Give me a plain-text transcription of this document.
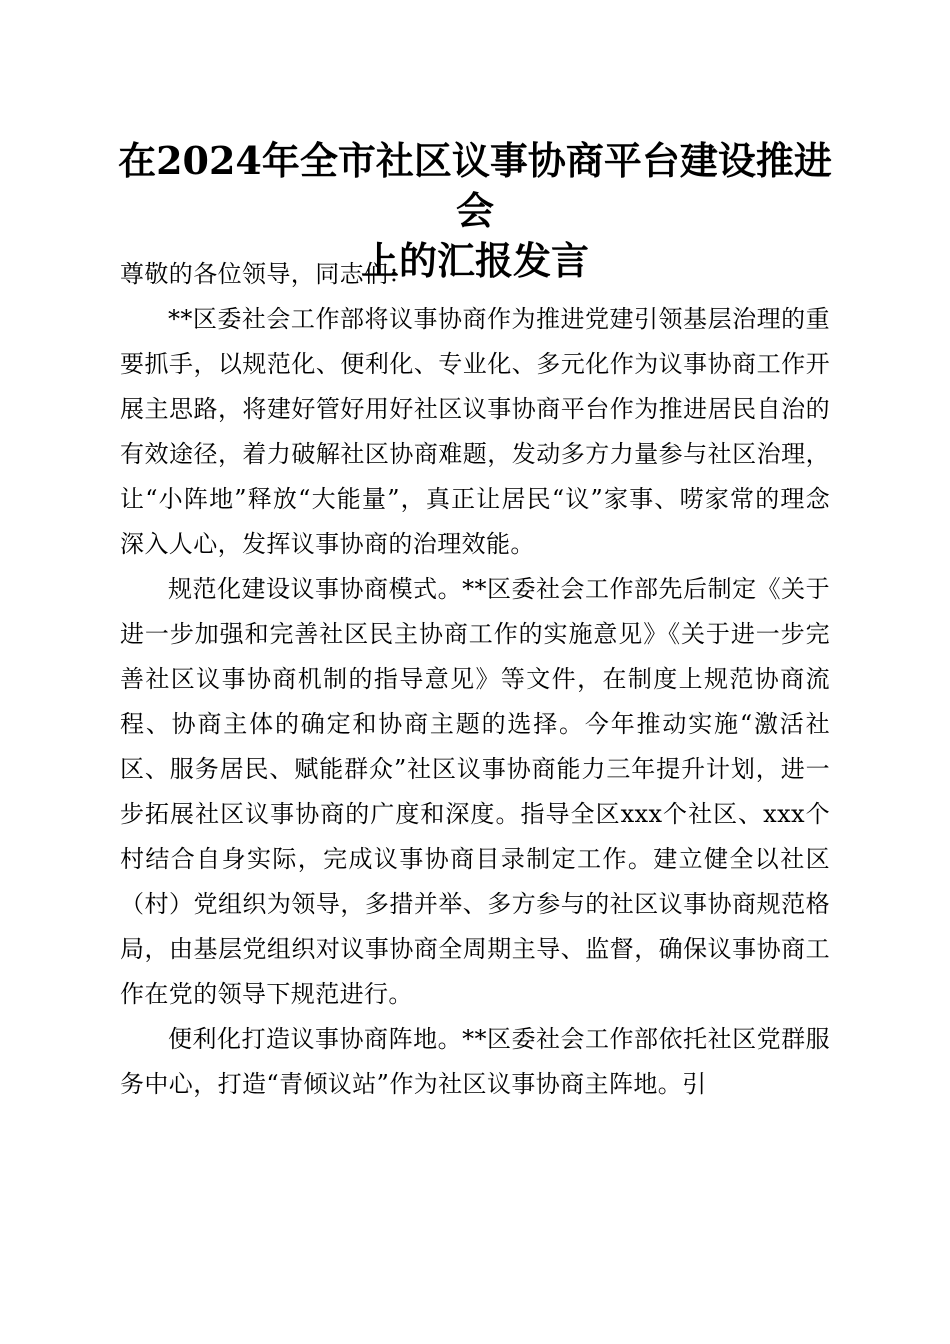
在2024年全市社区议事协商平台建设推进会
上的汇报发言

尊敬的各位领导，同志们：

**区委社会工作部将议事协商作为推进党建引领基层治理的重要抓手，以规范化、便利化、专业化、多元化作为议事协商工作开展主思路，将建好管好用好社区议事协商平台作为推进居民自治的有效途径，着力破解社区协商难题，发动多方力量参与社区治理，让“小阵地”释放“大能量”，真正让居民“议”家事、唠家常的理念深入人心，发挥议事协商的治理效能。

规范化建设议事协商模式。**区委社会工作部先后制定《关于进一步加强和完善社区民主协商工作的实施意见》《关于进一步完善社区议事协商机制的指导意见》等文件，在制度上规范协商流程、协商主体的确定和协商主题的选择。今年推动实施“激活社区、服务居民、赋能群众”社区议事协商能力三年提升计划，进一步拓展社区议事协商的广度和深度。指导全区xxx个社区、xxx个村结合自身实际，完成议事协商目录制定工作。建立健全以社区（村）党组织为领导，多措并举、多方参与的社区议事协商规范格局，由基层党组织对议事协商全周期主导、监督，确保议事协商工作在党的领导下规范进行。

便利化打造议事协商阵地。**区委社会工作部依托社区党群服务中心，打造“青倾议站”作为社区议事协商主阵地。引
